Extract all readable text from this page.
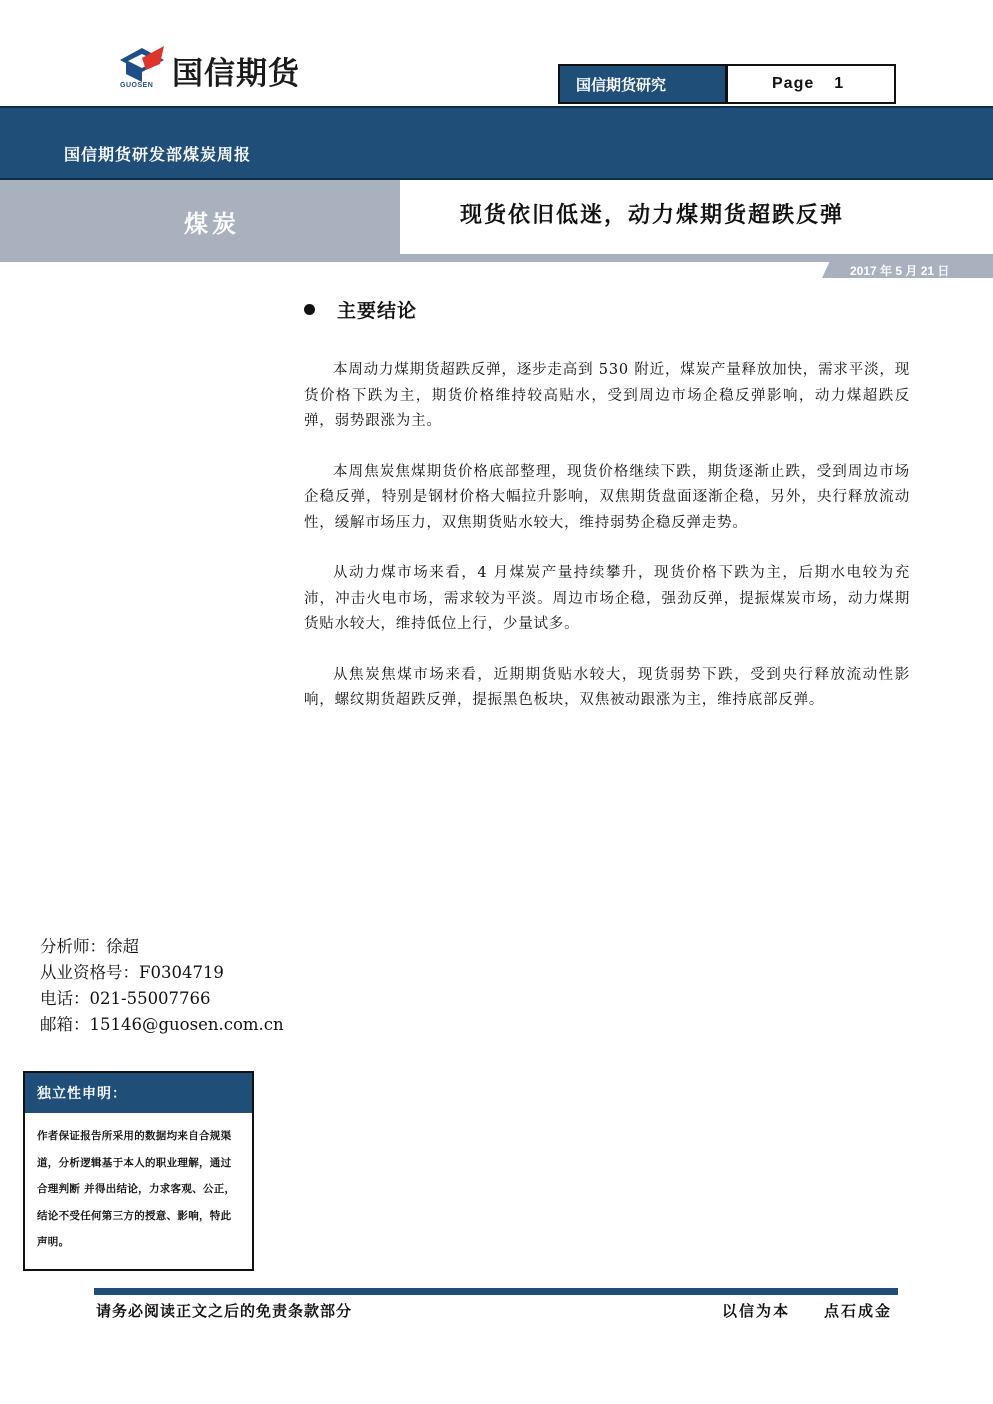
GUOSEN 国信期货	国信期货研究	Page 1
国信期货研发部煤炭周报
煤炭	现货依旧低迷，动力煤期货超跌反弹
2017 年 5 月 21 日
主要结论

本周动力煤期货超跌反弹，逐步走高到 530 附近，煤炭产量释放加快，需求平淡，现货价格下跌为主，期货价格维持较高贴水，受到周边市场企稳反弹影响，动力煤超跌反弹，弱势跟涨为主。

本周焦炭焦煤期货价格底部整理，现货价格继续下跌，期货逐渐止跌，受到周边市场企稳反弹，特别是钢材价格大幅拉升影响，双焦期货盘面逐渐企稳，另外，央行释放流动性，缓解市场压力，双焦期货贴水较大，维持弱势企稳反弹走势。

从动力煤市场来看，4 月煤炭产量持续攀升，现货价格下跌为主，后期水电较为充沛，冲击火电市场，需求较为平淡。周边市场企稳，强劲反弹，提振煤炭市场，动力煤期货贴水较大，维持低位上行，少量试多。

从焦炭焦煤市场来看，近期期货贴水较大，现货弱势下跌，受到央行释放流动性影响，螺纹期货超跌反弹，提振黑色板块，双焦被动跟涨为主，维持底部反弹。

分析师：徐超
从业资格号：F0304719
电话：021-55007766
邮箱：15146@guosen.com.cn
独立性申明：
作者保证报告所采用的数据均来自合规渠道，分析逻辑基于本人的职业理解，通过合理判断 并得出结论，力求客观、公正，结论不受任何第三方的授意、影响，特此声明。
请务必阅读正文之后的免责条款部分	以信为本　　点石成金
